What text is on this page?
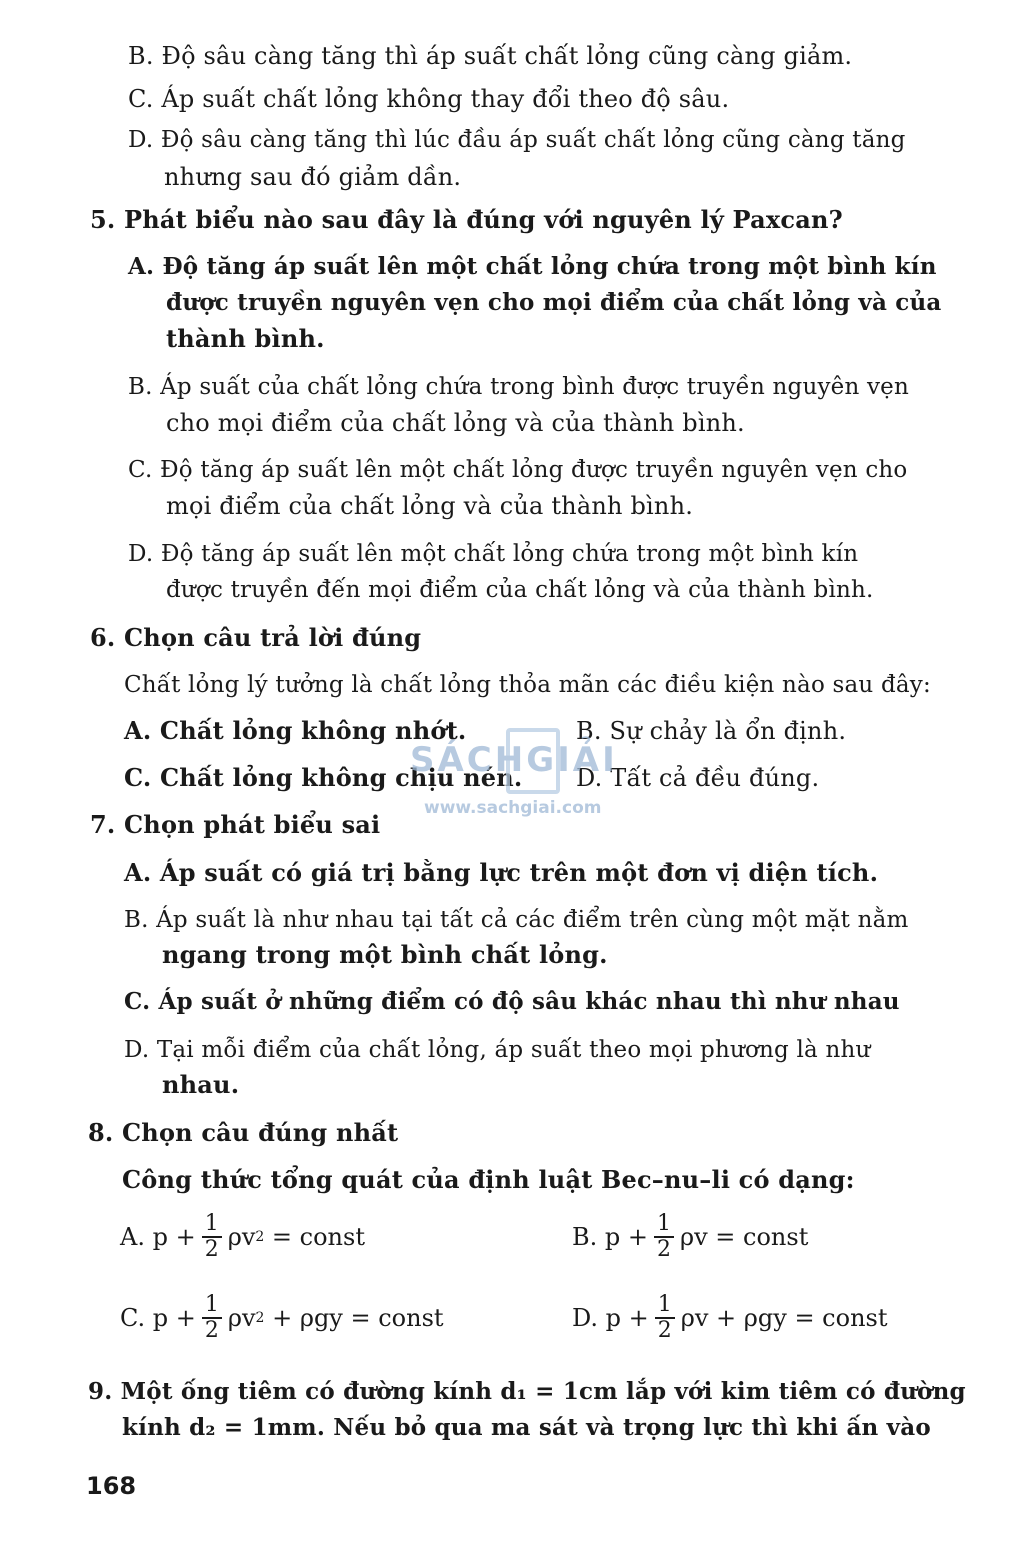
B. Độ sâu càng tăng thì áp suất chất lỏng cũng càng giảm.
C. Áp suất chất lỏng không thay đổi theo độ sâu.
D. Độ sâu càng tăng thì lúc đầu áp suất chất lỏng cũng càng tăng
nhưng sau đó giảm dần.
5. Phát biểu nào sau đây là đúng với nguyên lý Paxcan?
A. Độ tăng áp suất lên một chất lỏng chứa trong một bình kín
được truyền nguyên vẹn cho mọi điểm của chất lỏng và của
thành bình.
B. Áp suất của chất lỏng chứa trong bình được truyền nguyên vẹn
cho mọi điểm của chất lỏng và của thành bình.
C. Độ tăng áp suất lên một chất lỏng được truyền nguyên vẹn cho
mọi điểm của chất lỏng và của thành bình.
D. Độ tăng áp suất lên một chất lỏng chứa trong một bình kín
được truyền đến mọi điểm của chất lỏng và của thành bình.
6. Chọn câu trả lời đúng
Chất lỏng lý tưởng là chất lỏng thỏa mãn các điều kiện nào sau đây:
A. Chất lỏng không nhớt.	B. Sự chảy là ổn định.
C. Chất lỏng không chịu nén. D. Tất cả đều đúng.
SÁCHGIẢI
www.sachgiai.com
7. Chọn phát biểu sai
A. Áp suất có giá trị bằng lực trên một đơn vị diện tích.
B. Áp suất là như nhau tại tất cả các điểm trên cùng một mặt nằm
ngang trong một bình chất lỏng.
C. Áp suất ở những điểm có độ sâu khác nhau thì như nhau
D. Tại mỗi điểm của chất lỏng, áp suất theo mọi phương là như
nhau.
8. Chọn câu đúng nhất
Công thức tổng quát của định luật Bec–nu–li có dạng:
A. $p + \frac{1}{2}$ ρv 2 = const	B. $p + \frac{1}{2}$ ρv = const
C. $p + \frac{1}{2}$ ρv 2 + ρgy = const	D. $p + \frac{1}{2}$ ρv + ρgy = const
9. Một ống tiêm có đường kính d₁ = 1cm lắp với kim tiêm có đường
kính d₂ = 1mm. Nếu bỏ qua ma sát và trọng lực thì khi ấn vào
168
